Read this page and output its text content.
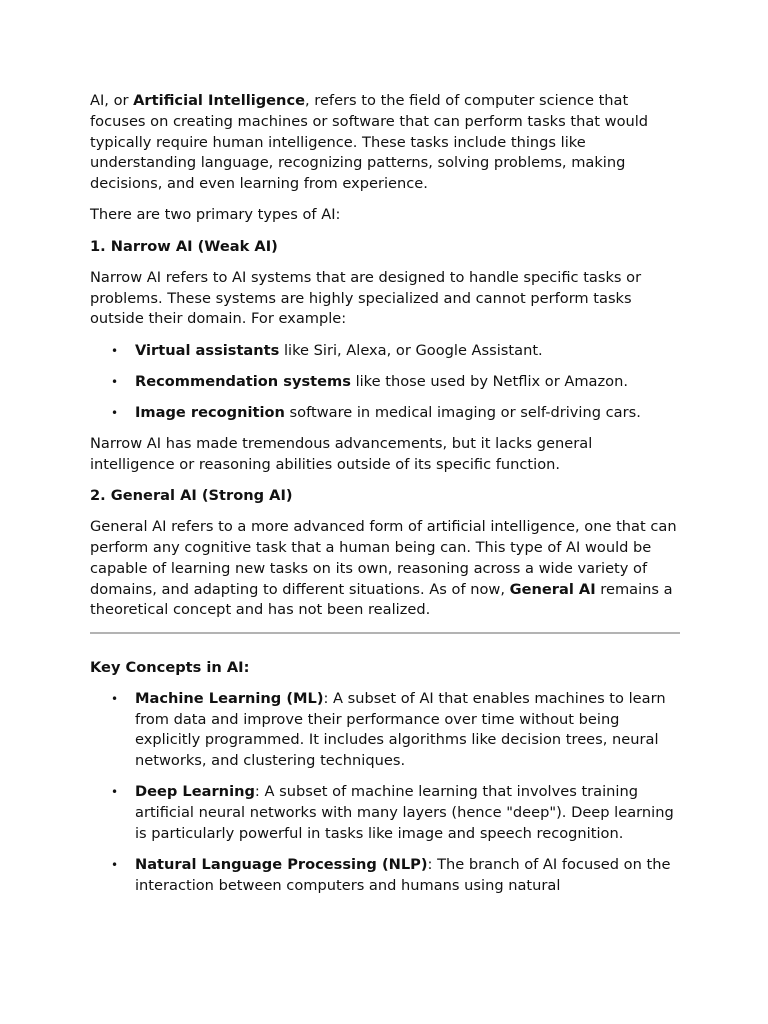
AI, or Artificial Intelligence, refers to the field of computer science that focuses on creating machines or software that can perform tasks that would typically require human intelligence. These tasks include things like understanding language, recognizing patterns, solving problems, making decisions, and even learning from experience.

There are two primary types of AI:

1. Narrow AI (Weak AI)

Narrow AI refers to AI systems that are designed to handle specific tasks or problems. These systems are highly specialized and cannot perform tasks outside their domain. For example:

• Virtual assistants like Siri, Alexa, or Google Assistant.
• Recommendation systems like those used by Netflix or Amazon.
• Image recognition software in medical imaging or self-driving cars.

Narrow AI has made tremendous advancements, but it lacks general intelligence or reasoning abilities outside of its specific function.

2. General AI (Strong AI)

General AI refers to a more advanced form of artificial intelligence, one that can perform any cognitive task that a human being can. This type of AI would be capable of learning new tasks on its own, reasoning across a wide variety of domains, and adapting to different situations. As of now, General AI remains a theoretical concept and has not been realized.

Key Concepts in AI:
• Machine Learning (ML): A subset of AI that enables machines to learn from data and improve their performance over time without being explicitly programmed. It includes algorithms like decision trees, neural networks, and clustering techniques.
• Deep Learning: A subset of machine learning that involves training artificial neural networks with many layers (hence "deep"). Deep learning is particularly powerful in tasks like image and speech recognition.
• Natural Language Processing (NLP): The branch of AI focused on the interaction between computers and humans using natural
